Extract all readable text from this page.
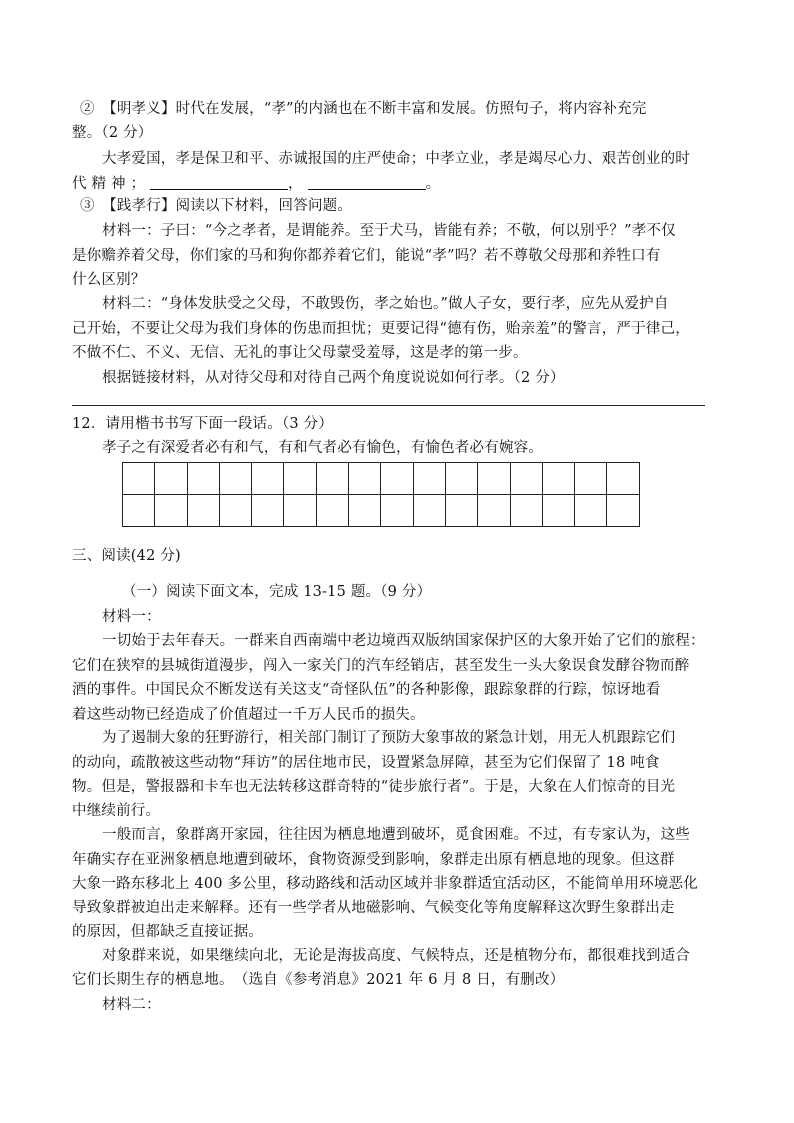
②　【明孝义】时代在发展，“孝”的内涵也在不断丰富和发展。仿照句子，将内容补充完
整。（2 分）
大孝爱国，孝是保卫和平、赤诚报国的庄严使命；中孝立业，孝是竭尽心力、艰苦创业的时
代 精 神 ；	，	。
③　【践孝行】阅读以下材料，回答问题。
材料一：子曰：“今之孝者，是谓能养。至于犬马，皆能有养；不敬，何以别乎？”孝不仅
是你赡养着父母，你们家的马和狗你都养着它们，能说“孝”吗？若不尊敬父母那和养牲口有
什么区别？
材料二：“身体发肤受之父母，不敢毁伤，孝之始也。”做人子女，要行孝，应先从爱护自
己开始，不要让父母为我们身体的伤患而担忧；更要记得“德有伤，贻亲羞”的警言，严于律己，
不做不仁、不义、无信、无礼的事让父母蒙受羞辱，这是孝的第一步。
根据链接材料，从对待父母和对待自己两个角度说说如何行孝。（2 分）
12．请用楷书书写下面一段话。（3 分）
孝子之有深爱者必有和气，有和气者必有愉色，有愉色者必有婉容。

三、阅读(42 分)
（一）阅读下面文本，完成 13-15 题。（9 分）
材料一：
一切始于去年春天。一群来自西南端中老边境西双版纳国家保护区的大象开始了它们的旅程：
它们在狭窄的县城街道漫步，闯入一家关门的汽车经销店，甚至发生一头大象误食发酵谷物而醉
酒的事件。中国民众不断发送有关这支“奇怪队伍”的各种影像，跟踪象群的行踪，惊讶地看
着这些动物已经造成了价值超过一千万人民币的损失。
为了遏制大象的狂野游行，相关部门制订了预防大象事故的紧急计划，用无人机跟踪它们
的动向，疏散被这些动物“拜访”的居住地市民，设置紧急屏障，甚至为它们保留了 18 吨食
物。但是，警报器和卡车也无法转移这群奇特的“徒步旅行者”。于是，大象在人们惊奇的目光
中继续前行。
一般而言，象群离开家园，往往因为栖息地遭到破坏，觅食困难。不过，有专家认为，这些
年确实存在亚洲象栖息地遭到破坏，食物资源受到影响，象群走出原有栖息地的现象。但这群
大象一路东移北上 400 多公里，移动路线和活动区域并非象群适宜活动区，不能简单用环境恶化
导致象群被迫出走来解释。还有一些学者从地磁影响、气候变化等角度解释这次野生象群出走
的原因，但都缺乏直接证据。
对象群来说，如果继续向北，无论是海拔高度、气候特点，还是植物分布，都很难找到适合
它们长期生存的栖息地。　（选自《参考消息》2021 年 6 月 8 日，有删改）
材料二：
